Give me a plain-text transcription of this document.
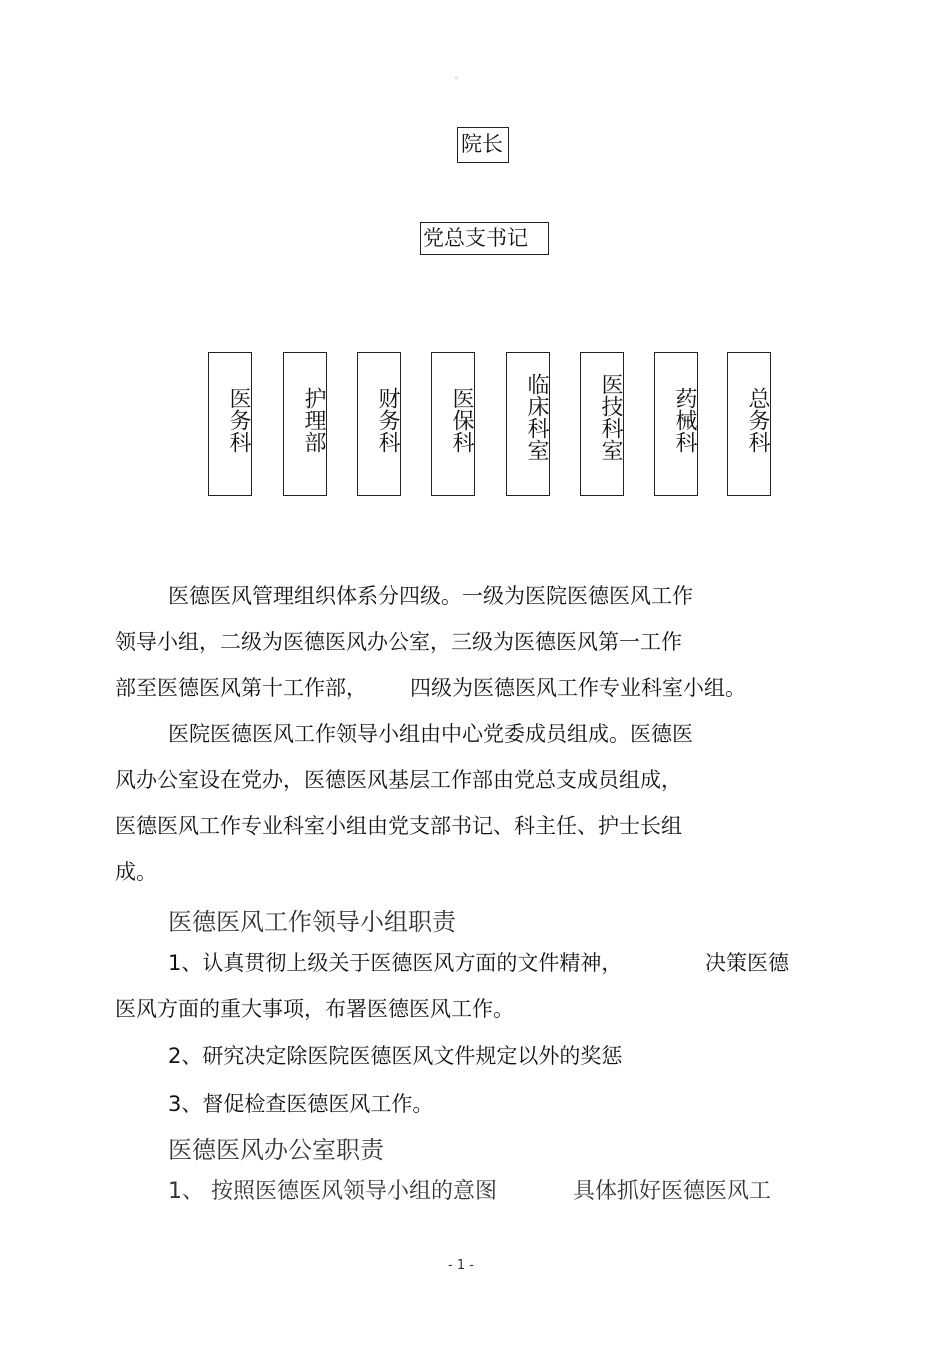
。
院长
党总支书记
医务科	护理部	财务科	医保科	临床科室	医技科室	药械科	总务科
医德医风管理组织体系分四级。一级为医院医德医风工作
领导小组，二级为医德医风办公室，三级为医德医风第一工作
部至医德医风第十工作部， 四级为医德医风工作专业科室小组。
医院医德医风工作领导小组由中心党委成员组成。医德医
风办公室设在党办，医德医风基层工作部由党总支成员组成，
医德医风工作专业科室小组由党支部书记、科主任、护士长组
成。
医德医风工作领导小组职责
1、认真贯彻上级关于医德医风方面的文件精神，	决策医德
医风方面的重大事项，布署医德医风工作。
2、研究决定除医院医德医风文件规定以外的奖惩
3、督促检查医德医风工作。
医德医风办公室职责
1、 按照医德医风领导小组的意图	具体抓好医德医风工
- 1 -
